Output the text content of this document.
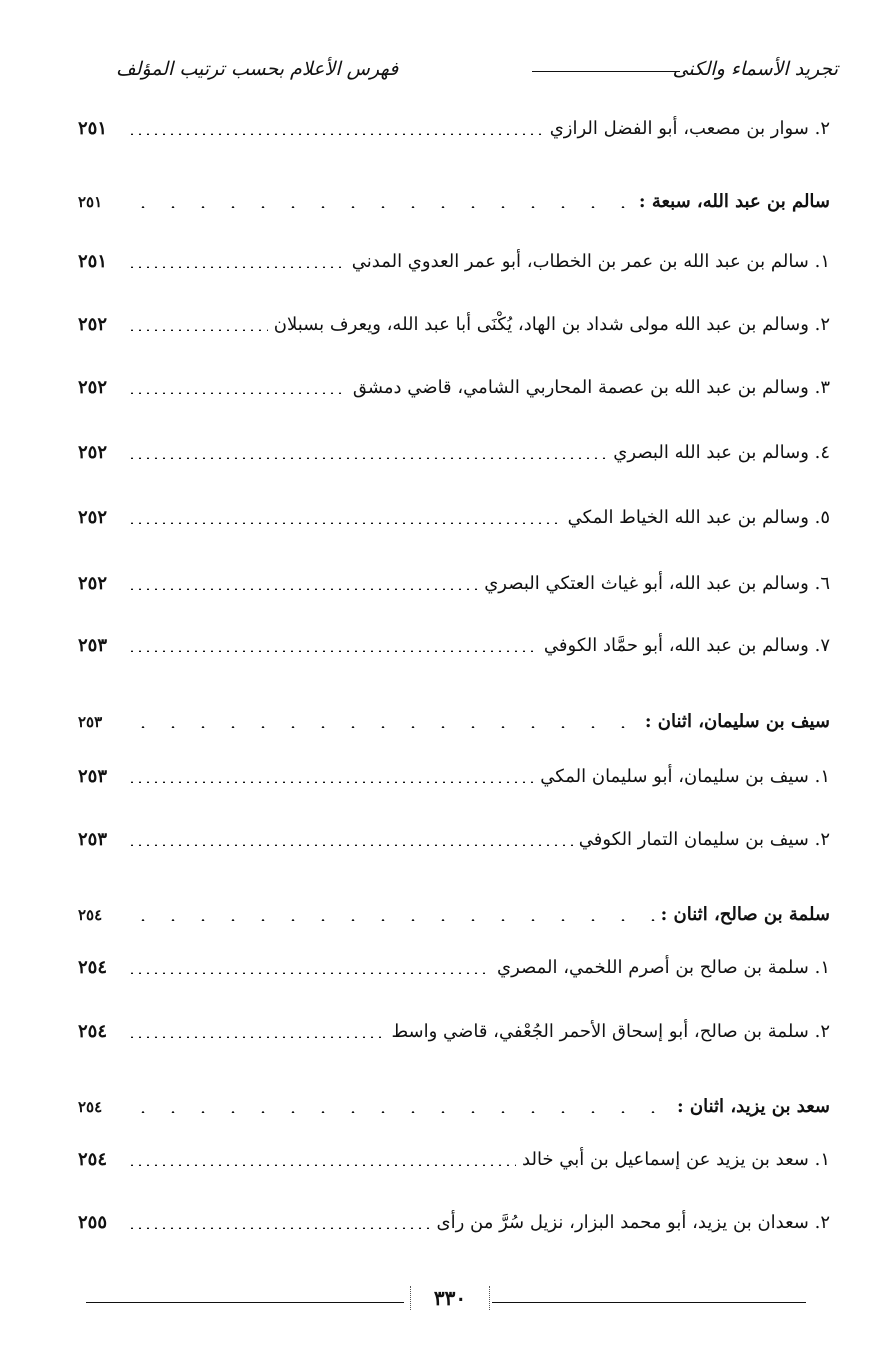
تجريد الأسماء والكنى
فهرس الأعلام بحسب ترتيب المؤلف
٢. سوار بن مصعب، أبو الفضل الرازي
٢٥١
سالم بن عبد الله، سبعة :
٢٥١
١. سالم بن عبد الله بن عمر بن الخطاب، أبو عمر العدوي المدني
٢٥١
٢. وسالم بن عبد الله مولى شداد بن الهاد، يُكْنَى أبا عبد الله، ويعرف بسبلان
٢٥٢
٣. وسالم بن عبد الله بن عصمة المحاربي الشامي، قاضي دمشق
٢٥٢
٤. وسالم بن عبد الله البصري
٢٥٢
٥. وسالم بن عبد الله الخياط المكي
٢٥٢
٦. وسالم بن عبد الله، أبو غياث العتكي البصري
٢٥٢
٧. وسالم بن عبد الله، أبو حمَّاد الكوفي
٢٥٣
سيف بن سليمان، اثنان :
٢٥٣
١. سيف بن سليمان، أبو سليمان المكي
٢٥٣
٢. سيف بن سليمان التمار الكوفي
٢٥٣
سلمة بن صالح، اثنان :
٢٥٤
١. سلمة بن صالح بن أصرم اللخمي، المصري
٢٥٤
٢. سلمة بن صالح، أبو إسحاق الأحمر الجُعْفي، قاضي واسط
٢٥٤
سعد بن يزيد، اثنان :
٢٥٤
١. سعد بن يزيد عن إسماعيل بن أبي خالد
٢٥٤
٢. سعدان بن يزيد، أبو محمد البزار، نزيل سُرَّ من رأى
٢٥٥
٣٣٠
